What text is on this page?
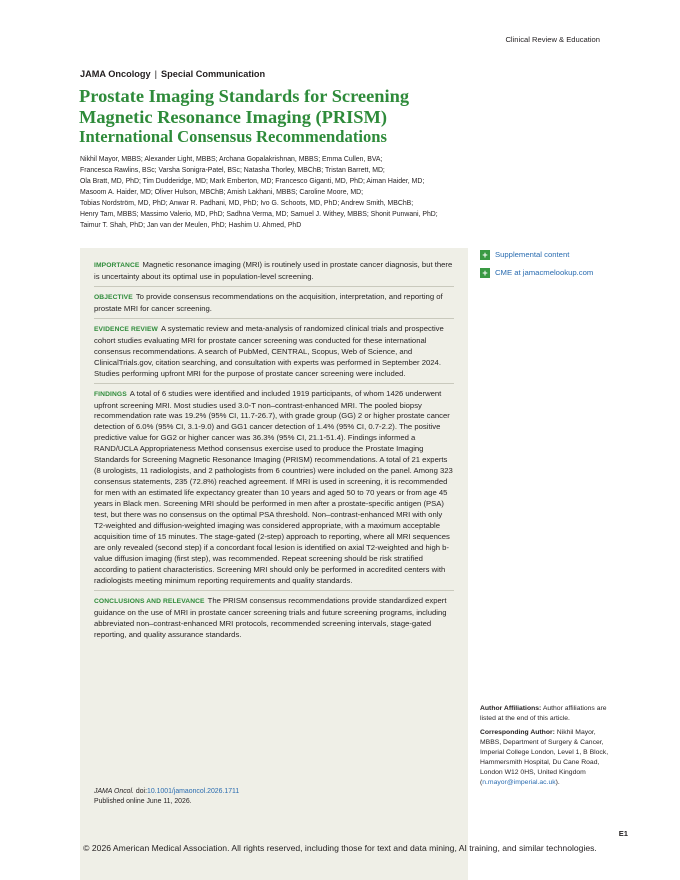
Clinical Review & Education
JAMA Oncology | Special Communication
Prostate Imaging Standards for Screening
Magnetic Resonance Imaging (PRISM)
International Consensus Recommendations
Nikhil Mayor, MBBS; Alexander Light, MBBS; Archana Gopalakrishnan, MBBS; Emma Cullen, BVA;
Francesca Rawlins, BSc; Varsha Sonigra-Patel, BSc; Natasha Thorley, MBChB; Tristan Barrett, MD;
Ola Bratt, MD, PhD; Tim Dudderidge, MD; Mark Emberton, MD; Francesco Giganti, MD, PhD; Aiman Haider, MD;
Masoom A. Haider, MD; Oliver Hulson, MBChB; Amish Lakhani, MBBS; Caroline Moore, MD;
Tobias Nordström, MD, PhD; Anwar R. Padhani, MD, PhD; Ivo G. Schoots, MD, PhD; Andrew Smith, MBChB;
Henry Tam, MBBS; Massimo Valerio, MD, PhD; Sadhna Verma, MD; Samuel J. Withey, MBBS; Shonit Punwani, PhD;
Taimur T. Shah, PhD; Jan van der Meulen, PhD; Hashim U. Ahmed, PhD
IMPORTANCE Magnetic resonance imaging (MRI) is routinely used in prostate cancer diagnosis, but there is uncertainty about its optimal use in population-level screening.
OBJECTIVE To provide consensus recommendations on the acquisition, interpretation, and reporting of prostate MRI for cancer screening.
EVIDENCE REVIEW A systematic review and meta-analysis of randomized clinical trials and prospective cohort studies evaluating MRI for prostate cancer screening was conducted for these international consensus recommendations. A search of PubMed, CENTRAL, Scopus, Web of Science, and ClinicalTrials.gov, citation searching, and consultation with experts was performed in September 2024. Studies performing upfront MRI for the purpose of prostate cancer screening were included.
FINDINGS A total of 6 studies were identified and included 1919 participants, of whom 1426 underwent upfront screening MRI. Most studies used 3.0-T non–contrast-enhanced MRI. The pooled biopsy recommendation rate was 19.2% (95% CI, 11.7-26.7), with grade group (GG) 2 or higher prostate cancer detection of 6.0% (95% CI, 3.1-9.0) and GG1 cancer detection of 1.4% (95% CI, 0.7-2.2). The positive predictive value for GG2 or higher cancer was 36.3% (95% CI, 21.1-51.4). Findings informed a RAND/UCLA Appropriateness Method consensus exercise used to produce the Prostate Imaging Standards for Screening Magnetic Resonance Imaging (PRISM) recommendations. A total of 21 experts (8 urologists, 11 radiologists, and 2 pathologists from 6 countries) were included on the panel. Among 323 consensus statements, 235 (72.8%) reached agreement. If MRI is used in screening, it is recommended for men with an estimated life expectancy greater than 10 years and aged 50 to 70 years or from age 45 years in Black men. Screening MRI should be performed in men after a prostate-specific antigen (PSA) test, but there was no consensus on the optimal PSA threshold. Non–contrast-enhanced MRI with only T2-weighted and diffusion-weighted imaging was considered appropriate, with a maximum acceptable acquisition time of 15 minutes. The stage-gated (2-step) approach to reporting, where all MRI sequences are only revealed (second step) if a concordant focal lesion is identified on axial T2-weighted and high b-value diffusion imaging (first step), was recommended. Repeat screening should be risk stratified according to patient characteristics. Screening MRI should only be performed in accredited centers with radiologists meeting minimum reporting requirements and quality standards.
CONCLUSIONS AND RELEVANCE The PRISM consensus recommendations provide standardized expert guidance on the use of MRI in prostate cancer screening trials and future screening programs, including abbreviated non–contrast-enhanced MRI protocols, recommended screening intervals, stage-gated reporting, and quality assurance standards.
JAMA Oncol. doi:10.1001/jamaoncol.2026.1711
Published online June 11, 2026.
+ Supplemental content
+ CME at
jamacmelookup.com

Author Affiliations: Author affiliations are listed at the end of this article.

Corresponding Author: Nikhil Mayor, MBBS, Department of Surgery & Cancer, Imperial College London, Level 1, B Block, Hammersmith Hospital, Du Cane Road, London W12 0HS, United Kingdom (n.mayor@imperial.ac.uk).

E1
© 2026 American Medical Association. All rights reserved, including those for text and data mining, AI training, and similar technologies.
